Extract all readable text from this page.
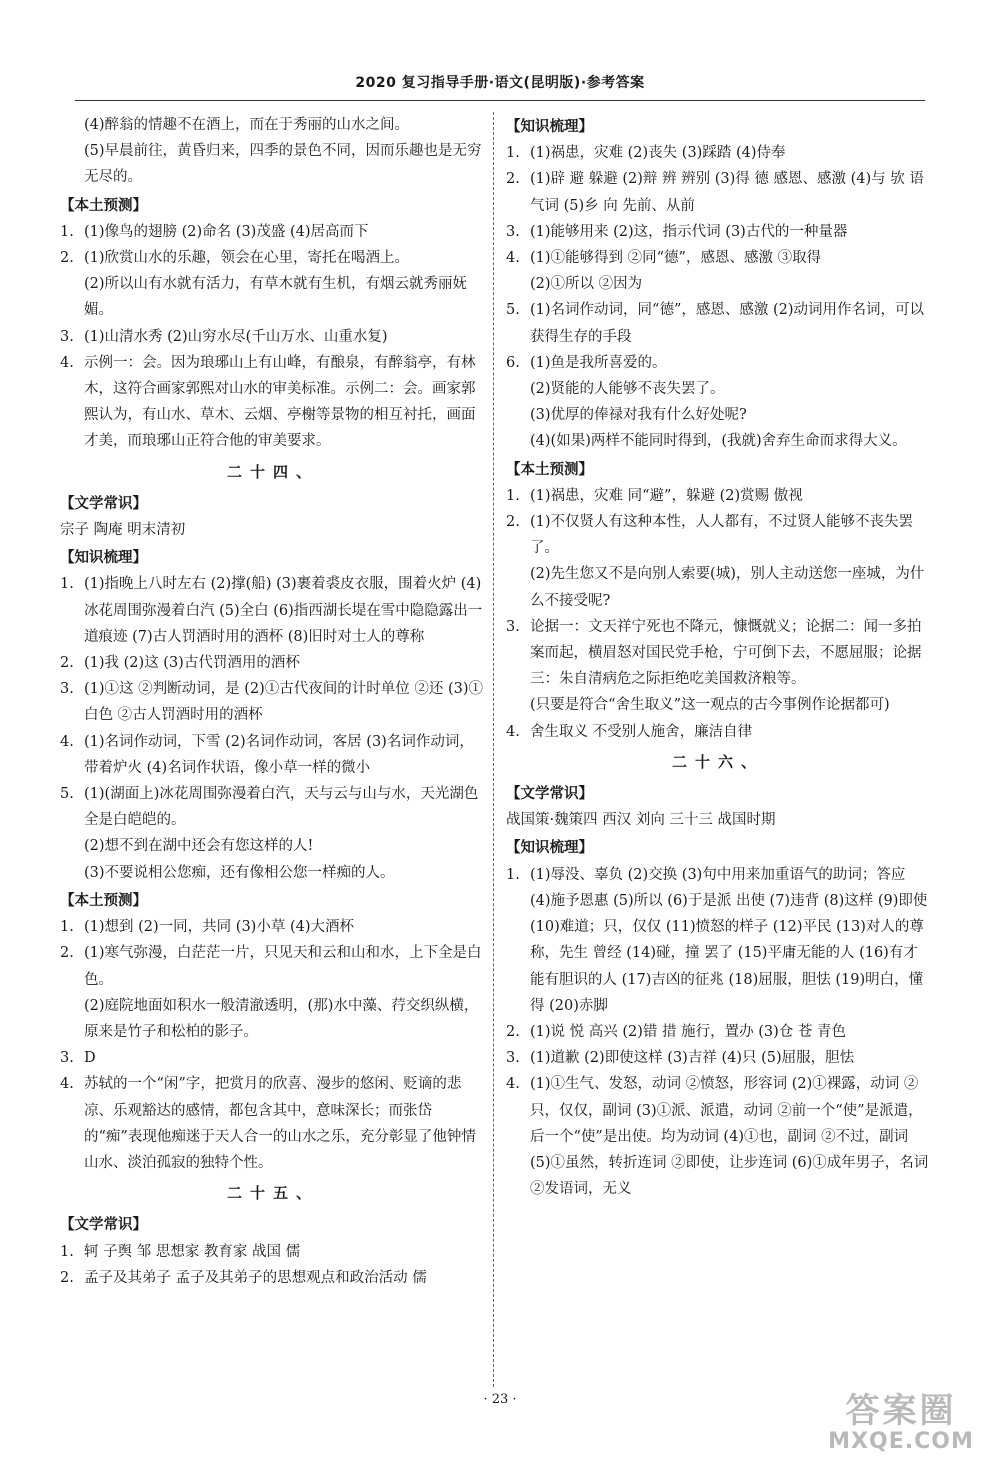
2020 复习指导手册·语文(昆明版)·参考答案
(4)醉翁的情趣不在酒上，而在于秀丽的山水之间。
(5)早晨前往，黄昏归来，四季的景色不同，因而乐趣也是无穷无尽的。
【本土预测】
1. (1)像鸟的翅膀 (2)命名 (3)茂盛 (4)居高而下
2. (1)欣赏山水的乐趣，领会在心里，寄托在喝酒上。
(2)所以山有水就有活力，有草木就有生机，有烟云就秀丽妩媚。
3. (1)山清水秀 (2)山穷水尽(千山万水、山重水复)
4. 示例一：会。因为琅琊山上有山峰，有酿泉，有醉翁亭，有林木，这符合画家郭熙对山水的审美标准。示例二：会。画家郭熙认为，有山水、草木、云烟、亭榭等景物的相互衬托，画面才美，而琅琊山正符合他的审美要求。
二十四、
【文学常识】
宗子 陶庵 明末清初
【知识梳理】
1. (1)指晚上八时左右 (2)撑(船) (3)裹着裘皮衣服，围着火炉 (4)冰花周围弥漫着白汽 (5)全白 (6)指西湖长堤在雪中隐隐露出一道痕迹 (7)古人罚酒时用的酒杯 (8)旧时对士人的尊称
2. (1)我 (2)这 (3)古代罚酒用的酒杯
3. (1)①这 ②判断动词，是 (2)①古代夜间的计时单位 ②还 (3)①白色 ②古人罚酒时用的酒杯
4. (1)名词作动词，下雪 (2)名词作动词，客居 (3)名词作动词，带着炉火 (4)名词作状语，像小草一样的微小
5. (1)(湖面上)冰花周围弥漫着白汽，天与云与山与水，天光湖色全是白皑皑的。
(2)想不到在湖中还会有您这样的人!
(3)不要说相公您痴，还有像相公您一样痴的人。
【本土预测】
1. (1)想到 (2)一同，共同 (3)小草 (4)大酒杯
2. (1)寒气弥漫，白茫茫一片，只见天和云和山和水，上下全是白色。
(2)庭院地面如积水一般清澈透明，(那)水中藻、荇交织纵横，原来是竹子和松柏的影子。
3. D
4. 苏轼的一个“闲”字，把赏月的欣喜、漫步的悠闲、贬谪的悲凉、乐观豁达的感情，都包含其中，意味深长；而张岱的“痴”表现他痴迷于天人合一的山水之乐，充分彰显了他钟情山水、淡泊孤寂的独特个性。
二十五、
【文学常识】
1. 轲 子舆 邹 思想家 教育家 战国 儒
2. 孟子及其弟子 孟子及其弟子的思想观点和政治活动 儒
【知识梳理】
1. (1)祸患，灾难 (2)丧失 (3)踩踏 (4)侍奉
2. (1)辟 避 躲避 (2)辩 辨 辨别 (3)得 德 感恩、感激 (4)与 欤 语气词 (5)乡 向 先前、从前
3. (1)能够用来 (2)这，指示代词 (3)古代的一种量器
4. (1)①能够得到 ②同“德”，感恩、感激 ③取得
(2)①所以 ②因为
5. (1)名词作动词，同“德”，感恩、感激 (2)动词用作名词，可以获得生存的手段
6. (1)鱼是我所喜爱的。
(2)贤能的人能够不丧失罢了。
(3)优厚的俸禄对我有什么好处呢?
(4)(如果)两样不能同时得到，(我就)舍弃生命而求得大义。
【本土预测】
1. (1)祸患，灾难 同“避”，躲避 (2)赏赐 傲视
2. (1)不仅贤人有这种本性，人人都有，不过贤人能够不丧失罢了。
(2)先生您又不是向别人索要(城)，别人主动送您一座城，为什么不接受呢?
3. 论据一：文天祥宁死也不降元，慷慨就义；论据二：闻一多拍案而起，横眉怒对国民党手枪，宁可倒下去，不愿屈服；论据三：朱自清病危之际拒绝吃美国救济粮等。
(只要是符合“舍生取义”这一观点的古今事例作论据都可)
4. 舍生取义 不受别人施舍，廉洁自律
二十六、
【文学常识】
战国策·魏策四 西汉 刘向 三十三 战国时期
【知识梳理】
1. (1)辱没、辜负 (2)交换 (3)句中用来加重语气的助词；答应 (4)施予恩惠 (5)所以 (6)于是派 出使 (7)违背 (8)这样 (9)即使 (10)难道；只，仅仅 (11)愤怒的样子 (12)平民 (13)对人的尊称，先生 曾经 (14)碰，撞 罢了 (15)平庸无能的人 (16)有才能有胆识的人 (17)吉凶的征兆 (18)屈服，胆怯 (19)明白，懂得 (20)赤脚
2. (1)说 悦 高兴 (2)错 措 施行，置办 (3)仓 苍 青色
3. (1)道歉 (2)即使这样 (3)吉祥 (4)只 (5)屈服，胆怯
4. (1)①生气、发怒，动词 ②愤怒，形容词 (2)①裸露，动词 ②只，仅仅，副词 (3)①派、派遣，动词 ②前一个“使”是派遣，后一个“使”是出使。均为动词 (4)①也，副词 ②不过，副词 (5)①虽然，转折连词 ②即使，让步连词 (6)①成年男子，名词 ②发语词，无义
· 23 ·	答案圈
MXQE.COM
